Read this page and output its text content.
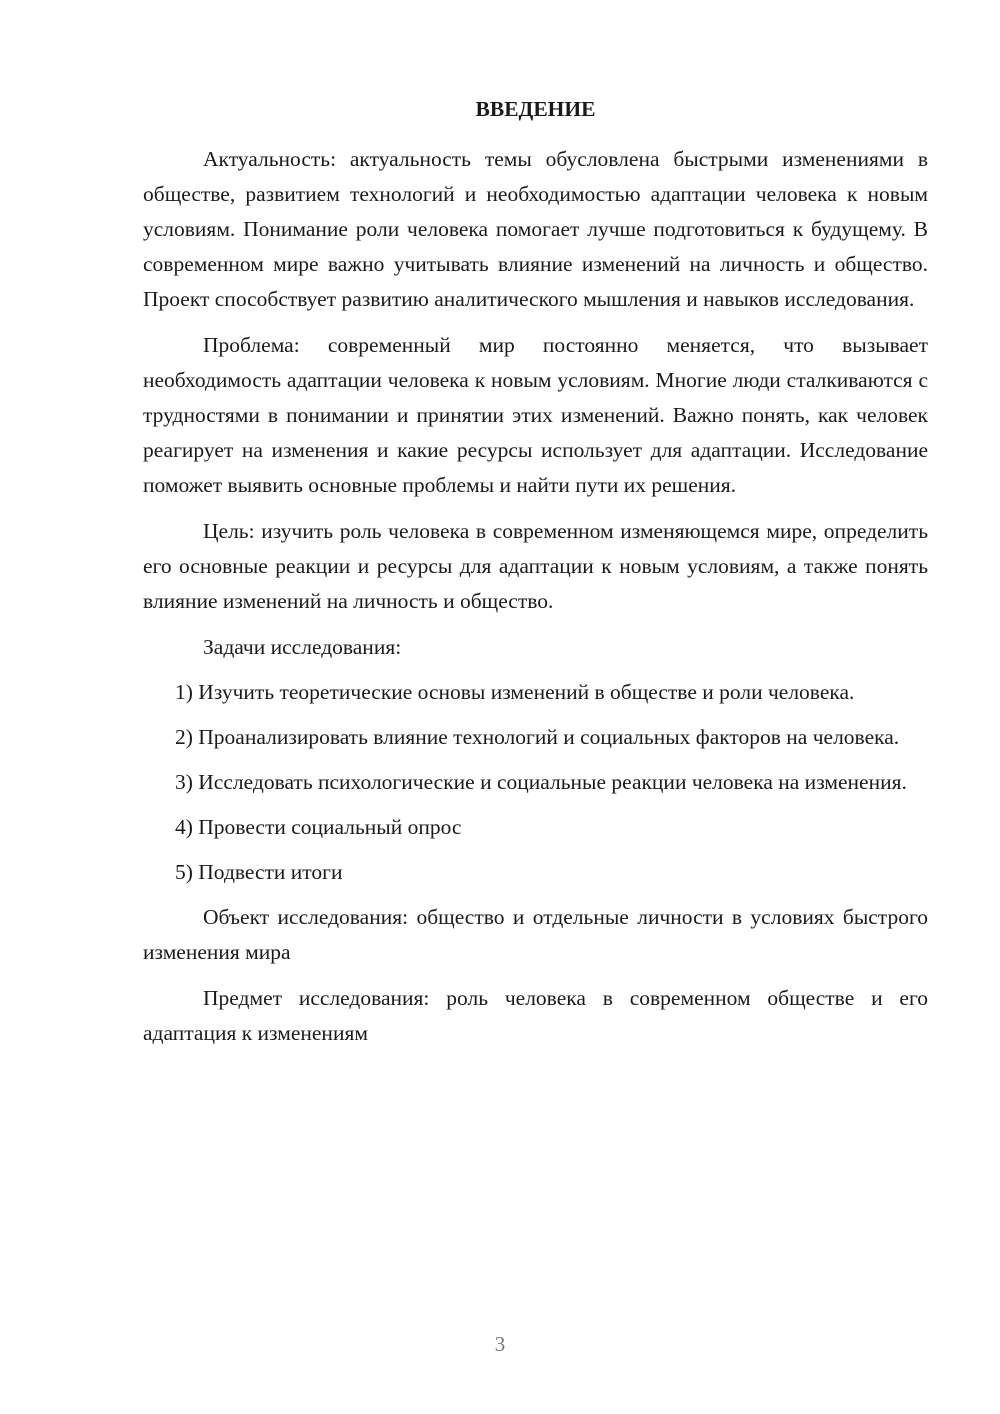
ВВЕДЕНИЕ
Актуальность: актуальность темы обусловлена быстрыми изменениями в обществе, развитием технологий и необходимостью адаптации человека к новым условиям. Понимание роли человека помогает лучше подготовиться к будущему. В современном мире важно учитывать влияние изменений на личность и общество. Проект способствует развитию аналитического мышления и навыков исследования.
Проблема: современный мир постоянно меняется, что вызывает необходимость адаптации человека к новым условиям. Многие люди сталкиваются с трудностями в понимании и принятии этих изменений. Важно понять, как человек реагирует на изменения и какие ресурсы использует для адаптации. Исследование поможет выявить основные проблемы и найти пути их решения.
Цель: изучить роль человека в современном изменяющемся мире, определить его основные реакции и ресурсы для адаптации к новым условиям, а также понять влияние изменений на личность и общество.
Задачи исследования:
1) Изучить теоретические основы изменений в обществе и роли человека.
2) Проанализировать влияние технологий и социальных факторов на человека.
3) Исследовать психологические и социальные реакции человека на изменения.
4) Провести социальный опрос
5) Подвести итоги
Объект исследования: общество и отдельные личности в условиях быстрого изменения мира
Предмет исследования: роль человека в современном обществе и его адаптация к изменениям
3
